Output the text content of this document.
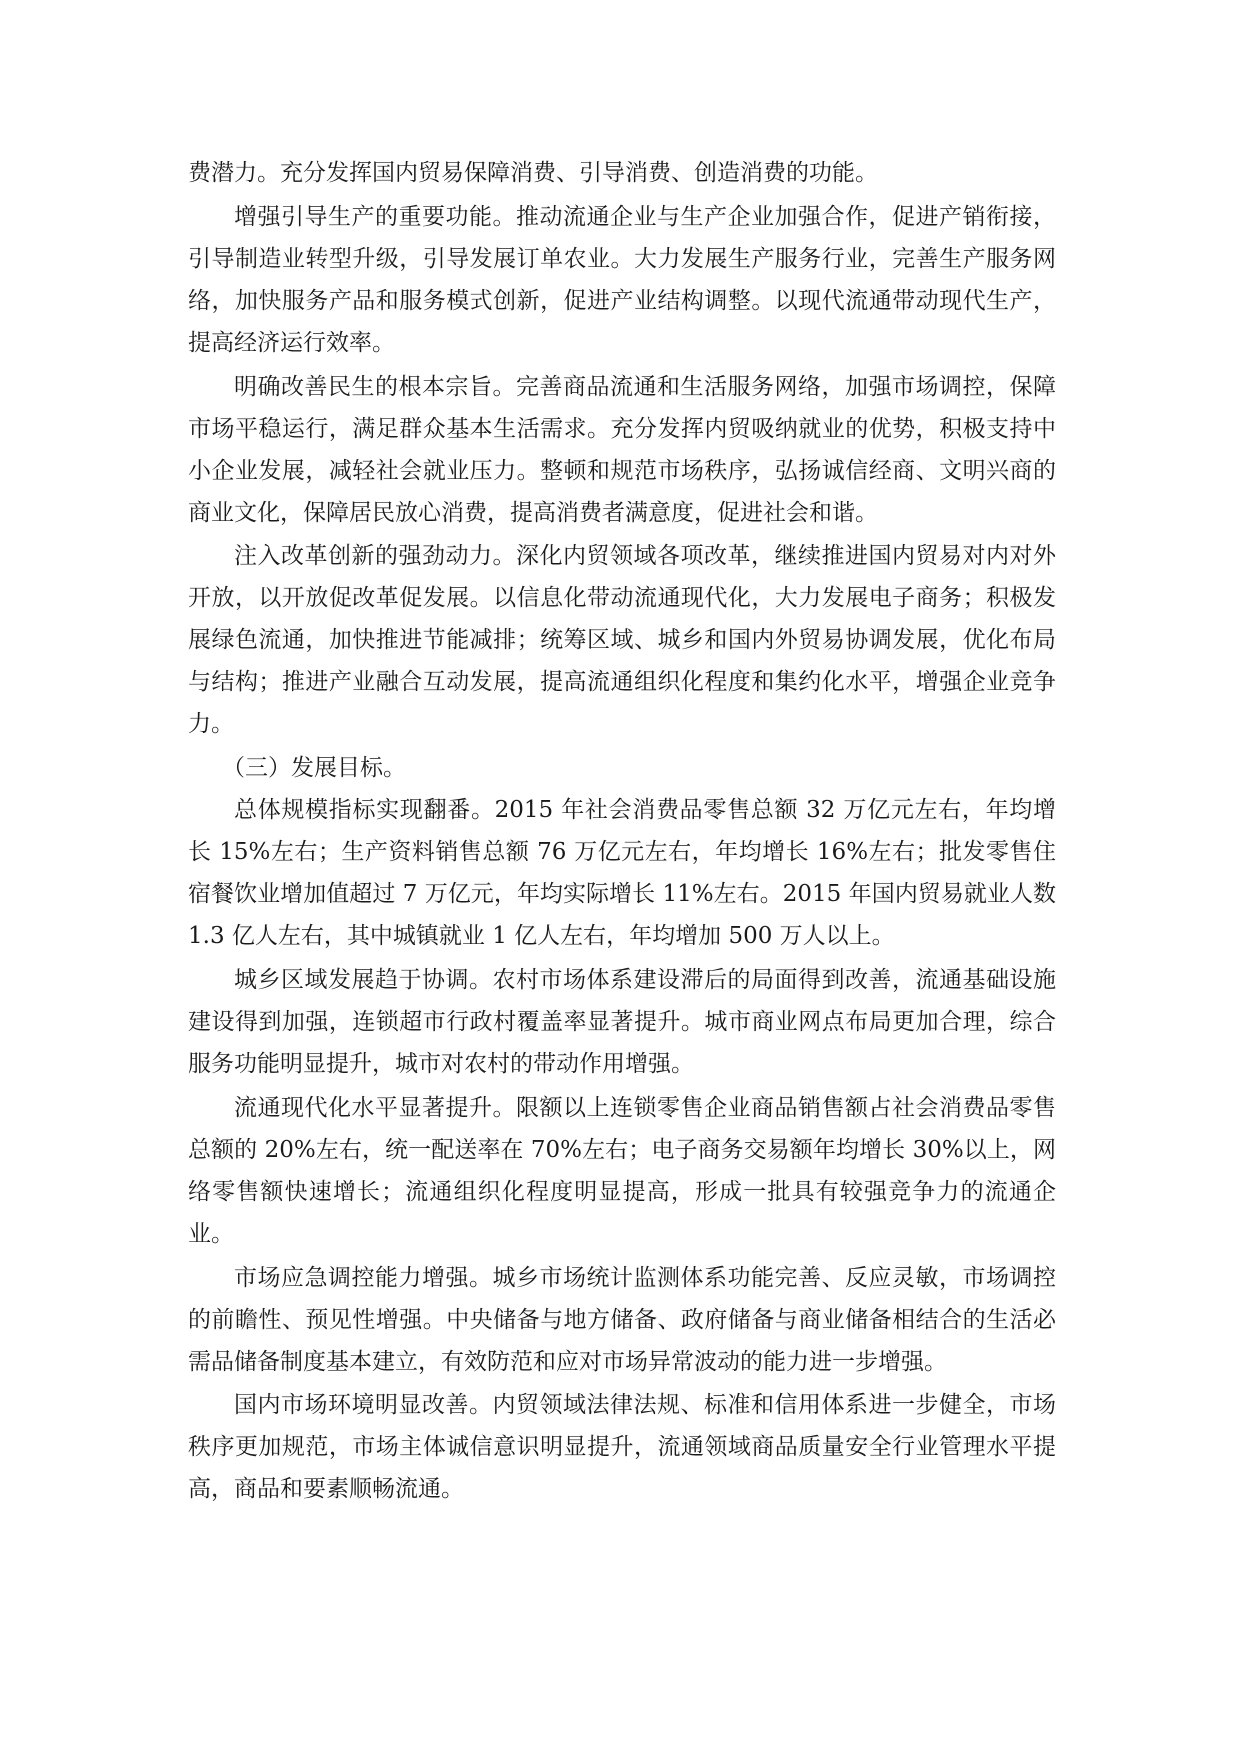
费潜力。充分发挥国内贸易保障消费、引导消费、创造消费的功能。

增强引导生产的重要功能。推动流通企业与生产企业加强合作，促进产销衔接，引导制造业转型升级，引导发展订单农业。大力发展生产服务行业，完善生产服务网络，加快服务产品和服务模式创新，促进产业结构调整。以现代流通带动现代生产，提高经济运行效率。

明确改善民生的根本宗旨。完善商品流通和生活服务网络，加强市场调控，保障市场平稳运行，满足群众基本生活需求。充分发挥内贸吸纳就业的优势，积极支持中小企业发展，减轻社会就业压力。整顿和规范市场秩序，弘扬诚信经商、文明兴商的商业文化，保障居民放心消费，提高消费者满意度，促进社会和谐。

注入改革创新的强劲动力。深化内贸领域各项改革，继续推进国内贸易对内对外开放，以开放促改革促发展。以信息化带动流通现代化，大力发展电子商务；积极发展绿色流通，加快推进节能减排；统筹区域、城乡和国内外贸易协调发展，优化布局与结构；推进产业融合互动发展，提高流通组织化程度和集约化水平，增强企业竞争力。

（三）发展目标。

总体规模指标实现翻番。2015 年社会消费品零售总额 32 万亿元左右，年均增长 15%左右；生产资料销售总额 76 万亿元左右，年均增长 16%左右；批发零售住宿餐饮业增加值超过 7 万亿元，年均实际增长 11%左右。2015 年国内贸易就业人数 1.3 亿人左右，其中城镇就业 1 亿人左右，年均增加 500 万人以上。

城乡区域发展趋于协调。农村市场体系建设滞后的局面得到改善，流通基础设施建设得到加强，连锁超市行政村覆盖率显著提升。城市商业网点布局更加合理，综合服务功能明显提升，城市对农村的带动作用增强。

流通现代化水平显著提升。限额以上连锁零售企业商品销售额占社会消费品零售总额的 20%左右，统一配送率在 70%左右；电子商务交易额年均增长 30%以上，网络零售额快速增长；流通组织化程度明显提高，形成一批具有较强竞争力的流通企业。

市场应急调控能力增强。城乡市场统计监测体系功能完善、反应灵敏，市场调控的前瞻性、预见性增强。中央储备与地方储备、政府储备与商业储备相结合的生活必需品储备制度基本建立，有效防范和应对市场异常波动的能力进一步增强。

国内市场环境明显改善。内贸领域法律法规、标准和信用体系进一步健全，市场秩序更加规范，市场主体诚信意识明显提升，流通领域商品质量安全行业管理水平提高，商品和要素顺畅流通。
